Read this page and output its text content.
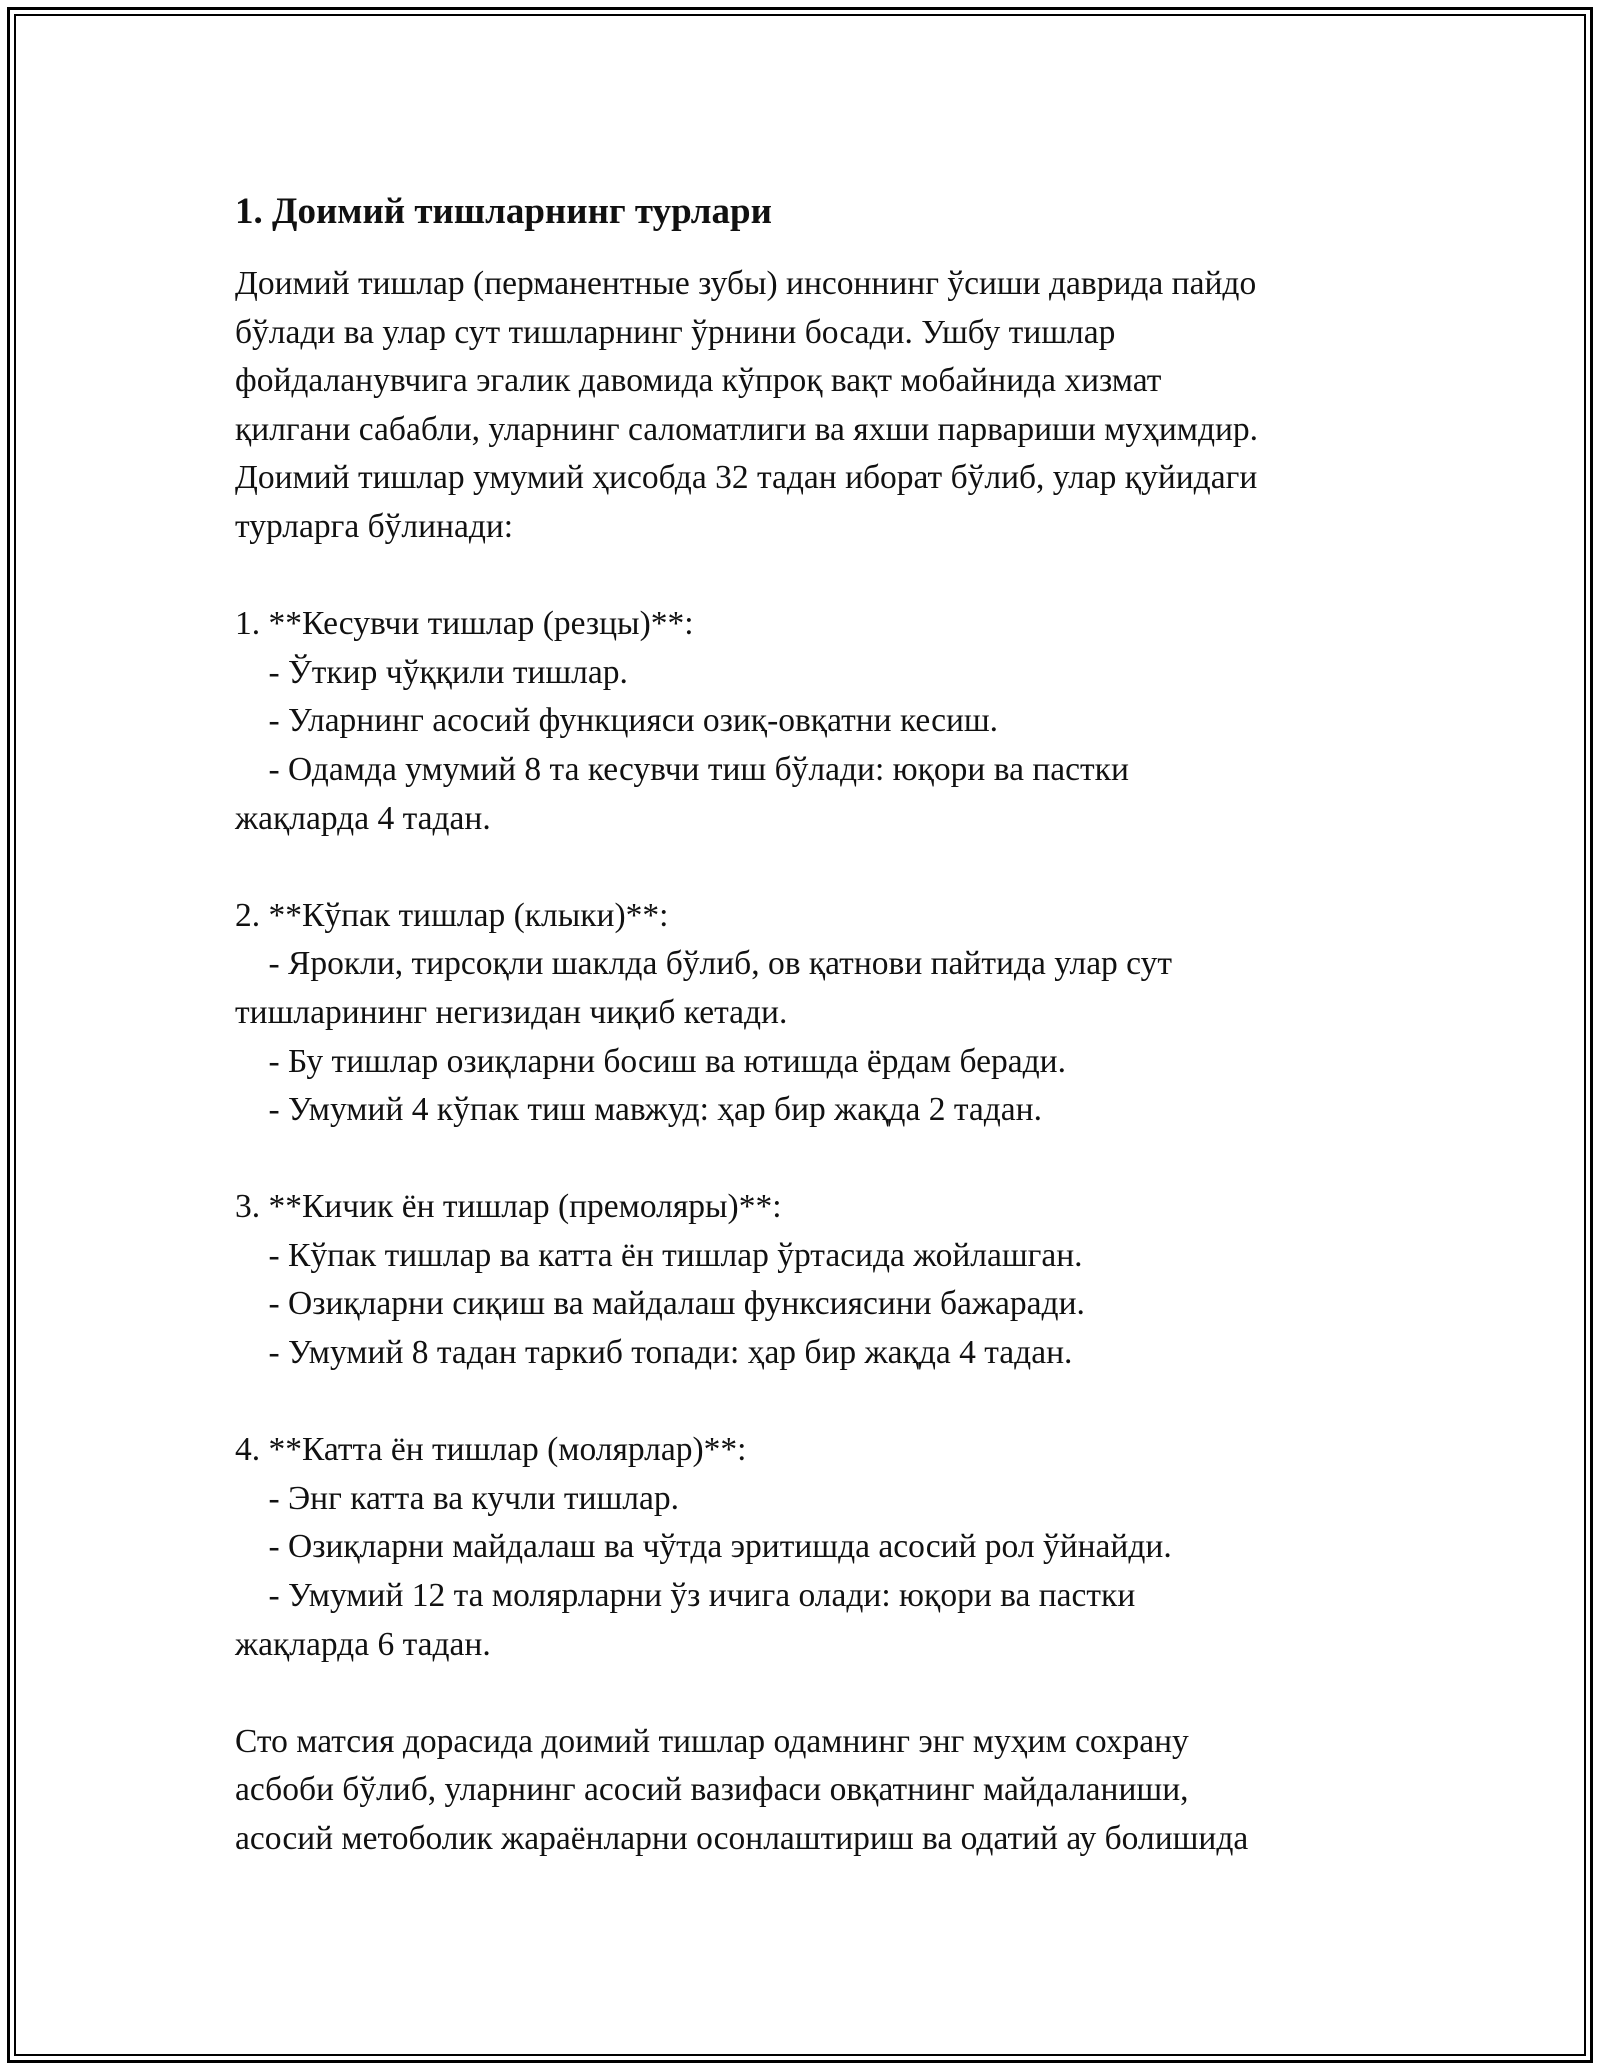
1. Доимий тишларнинг турлари
Доимий тишлар (перманентные зубы) инсоннинг ўсиши даврида пайдо
бўлади ва улар сут тишларнинг ўрнини босади. Ушбу тишлар
фойдаланувчига эгалик давомида кўпроқ вақт мобайнида хизмат
қилгани сабабли, уларнинг саломатлиги ва яхши парвариши муҳимдир.
Доимий тишлар умумий ҳисобда 32 тадан иборат бўлиб, улар қуйидаги
турларга бўлинади:
1. **Кесувчи тишлар (резцы)**:
- Ўткир чўққили тишлар.
- Уларнинг асосий функцияси озиқ-овқатни кесиш.
- Одамда умумий 8 та кесувчи тиш бўлади: юқори ва пастки
жақларда 4 тадан.
2. **Кўпак тишлар (клыки)**:
- Ярокли, тирсоқли шаклда бўлиб, ов қатнови пайтида улар сут
тишларининг негизидан чиқиб кетади.
- Бу тишлар озиқларни босиш ва ютишда ёрдам беради.
- Умумий 4 кўпак тиш мавжуд: ҳар бир жақда 2 тадан.
3. **Кичик ён тишлар (премоляры)**:
- Кўпак тишлар ва катта ён тишлар ўртасида жойлашган.
- Озиқларни сиқиш ва майдалаш функсиясини бажаради.
- Умумий 8 тадан таркиб топади: ҳар бир жақда 4 тадан.
4. **Катта ён тишлар (молярлар)**:
- Энг катта ва кучли тишлар.
- Озиқларни майдалаш ва чўтда эритишда асосий рол ўйнайди.
- Умумий 12 та молярларни ўз ичига олади: юқори ва пастки
жақларда 6 тадан.
Сто матсия дорасида доимий тишлар одамнинг энг муҳим сохрану
асбоби бўлиб, уларнинг асосий вазифаси овқатнинг майдаланиши,
асосий метоболик жараёнларни осонлаштириш ва одатий ау болишида
